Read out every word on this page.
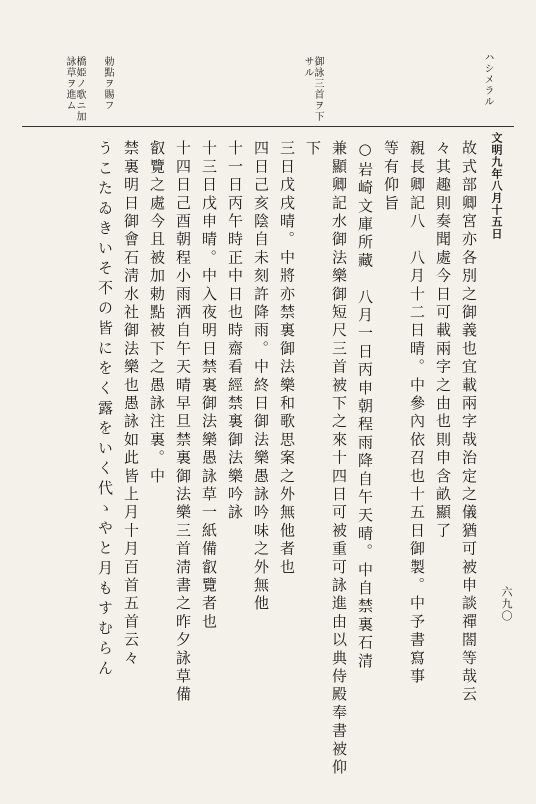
六九〇
ハシメラル
御詠三首ヲ下サル
勅點ヲ賜フ
橋姫ノ歌ニ加詠草ヲ進ム
文明九年八月十五日
故式部卿宮亦各別之御義也宜載兩字哉治定之儀猶可被申談禪閤等哉云
々其趣則奏聞處今日可載兩字之由也則申含畝顯了
親長卿記八　八月十二日晴。中參內依召也十五日御製。中予書寫事
等有仰旨
○岩崎文庫所藏　八月一日丙申朝程雨降自午天晴。中自禁裏石清
兼顯卿記水御法樂御短尺三首被下之來十四日可被重可詠進由以典侍殿奉書被仰
下
三日戊戌晴。中將亦禁裏御法樂和歌思案之外無他者也
四日己亥陰自未刻許降雨。中終日御法樂愚詠吟味之外無他
十一日丙午時正中日也時齋看經禁裏御法樂吟詠
十三日戊申晴。中入夜明日禁裏御法樂愚詠草一紙備叡覽者也
十四日己酉朝程小雨洒自午天晴早旦禁裏御法樂三首淸書之昨夕詠草備
叡覽之處今且被加勅點被下之愚詠注裏。中
禁裏明日御會石淸水社御法樂也愚詠如此皆上月十月百首五首云々
うこたゐきいそ不の皆にをく露をいく代ゝやと月もすむらん
